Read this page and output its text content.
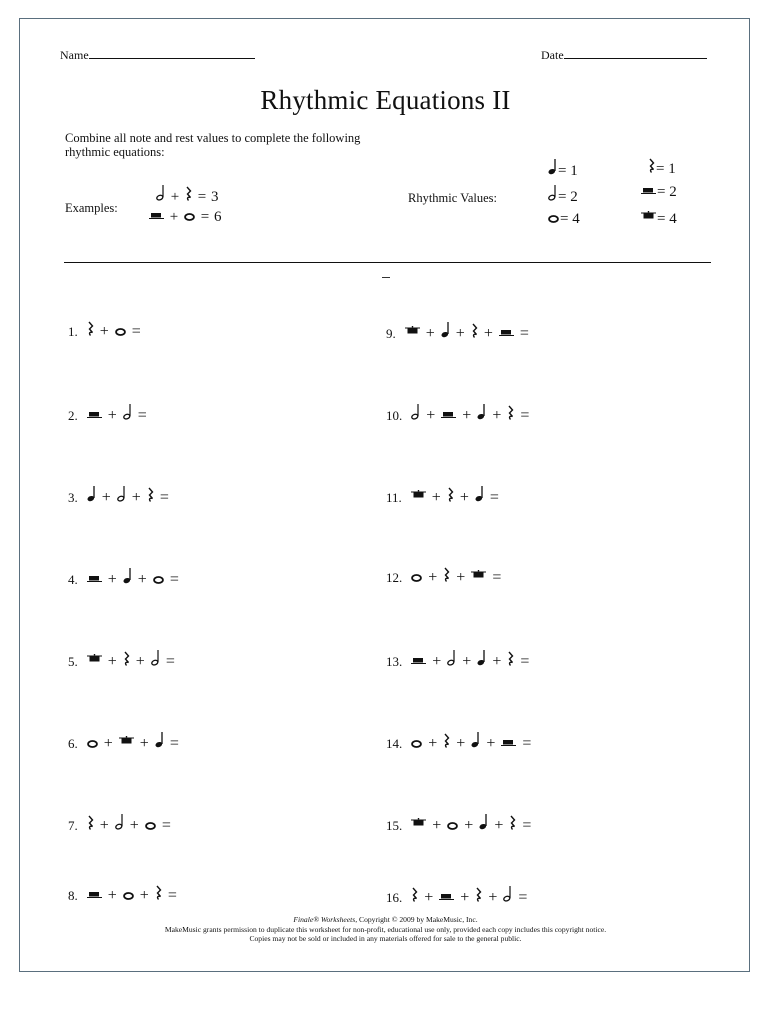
Name	Date
Rhythmic Equations II
Combine all note and rest values to complete the following rhythmic equations:
Examples:
+ = 3
+ = 6
Rhythmic Values:
= 1	= 1
= 2	= 2
= 4	= 4
1. + =
2. + =
3. + + =
4. + + =
5. + + =
6. + + =
7. + + =
8. + + =
9. + + + =
10. + + + =
11. + + =
12. + + =
13. + + + =
14. + + + =
15. + + + =
16. + + + =
Finale® Worksheets, Copyright © 2009 by MakeMusic, Inc.
MakeMusic grants permission to duplicate this worksheet for non-profit, educational use only, provided each copy includes this copyright notice.
Copies may not be sold or included in any materials offered for sale to the general public.
